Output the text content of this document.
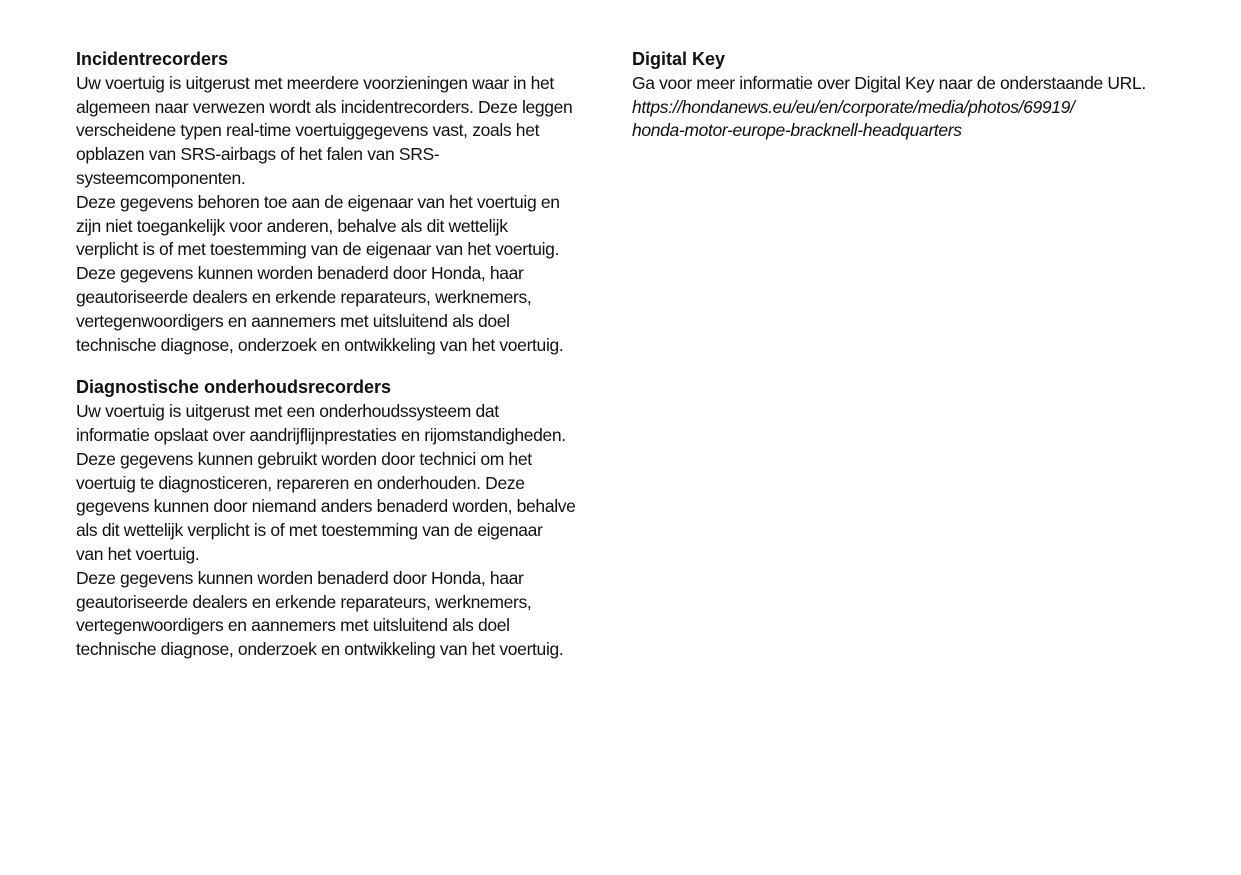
Incidentrecorders

Uw voertuig is uitgerust met meerdere voorzieningen waar in het
algemeen naar verwezen wordt als incidentrecorders. Deze leggen
verscheidene typen real-time voertuiggegevens vast, zoals het
opblazen van SRS-airbags of het falen van SRS-
systeemcomponenten.

Deze gegevens behoren toe aan de eigenaar van het voertuig en
zijn niet toegankelijk voor anderen, behalve als dit wettelijk
verplicht is of met toestemming van de eigenaar van het voertuig.
Deze gegevens kunnen worden benaderd door Honda, haar
geautoriseerde dealers en erkende reparateurs, werknemers,
vertegenwoordigers en aannemers met uitsluitend als doel
technische diagnose, onderzoek en ontwikkeling van het voertuig.

Diagnostische onderhoudsrecorders

Uw voertuig is uitgerust met een onderhoudssysteem dat
informatie opslaat over aandrijflijnprestaties en rijomstandigheden.
Deze gegevens kunnen gebruikt worden door technici om het
voertuig te diagnosticeren, repareren en onderhouden. Deze
gegevens kunnen door niemand anders benaderd worden, behalve
als dit wettelijk verplicht is of met toestemming van de eigenaar
van het voertuig.

Deze gegevens kunnen worden benaderd door Honda, haar
geautoriseerde dealers en erkende reparateurs, werknemers,
vertegenwoordigers en aannemers met uitsluitend als doel
technische diagnose, onderzoek en ontwikkeling van het voertuig.

Digital Key

Ga voor meer informatie over Digital Key naar de onderstaande URL.

https://hondanews.eu/eu/en/corporate/media/photos/69919/
honda-motor-europe-bracknell-headquarters
